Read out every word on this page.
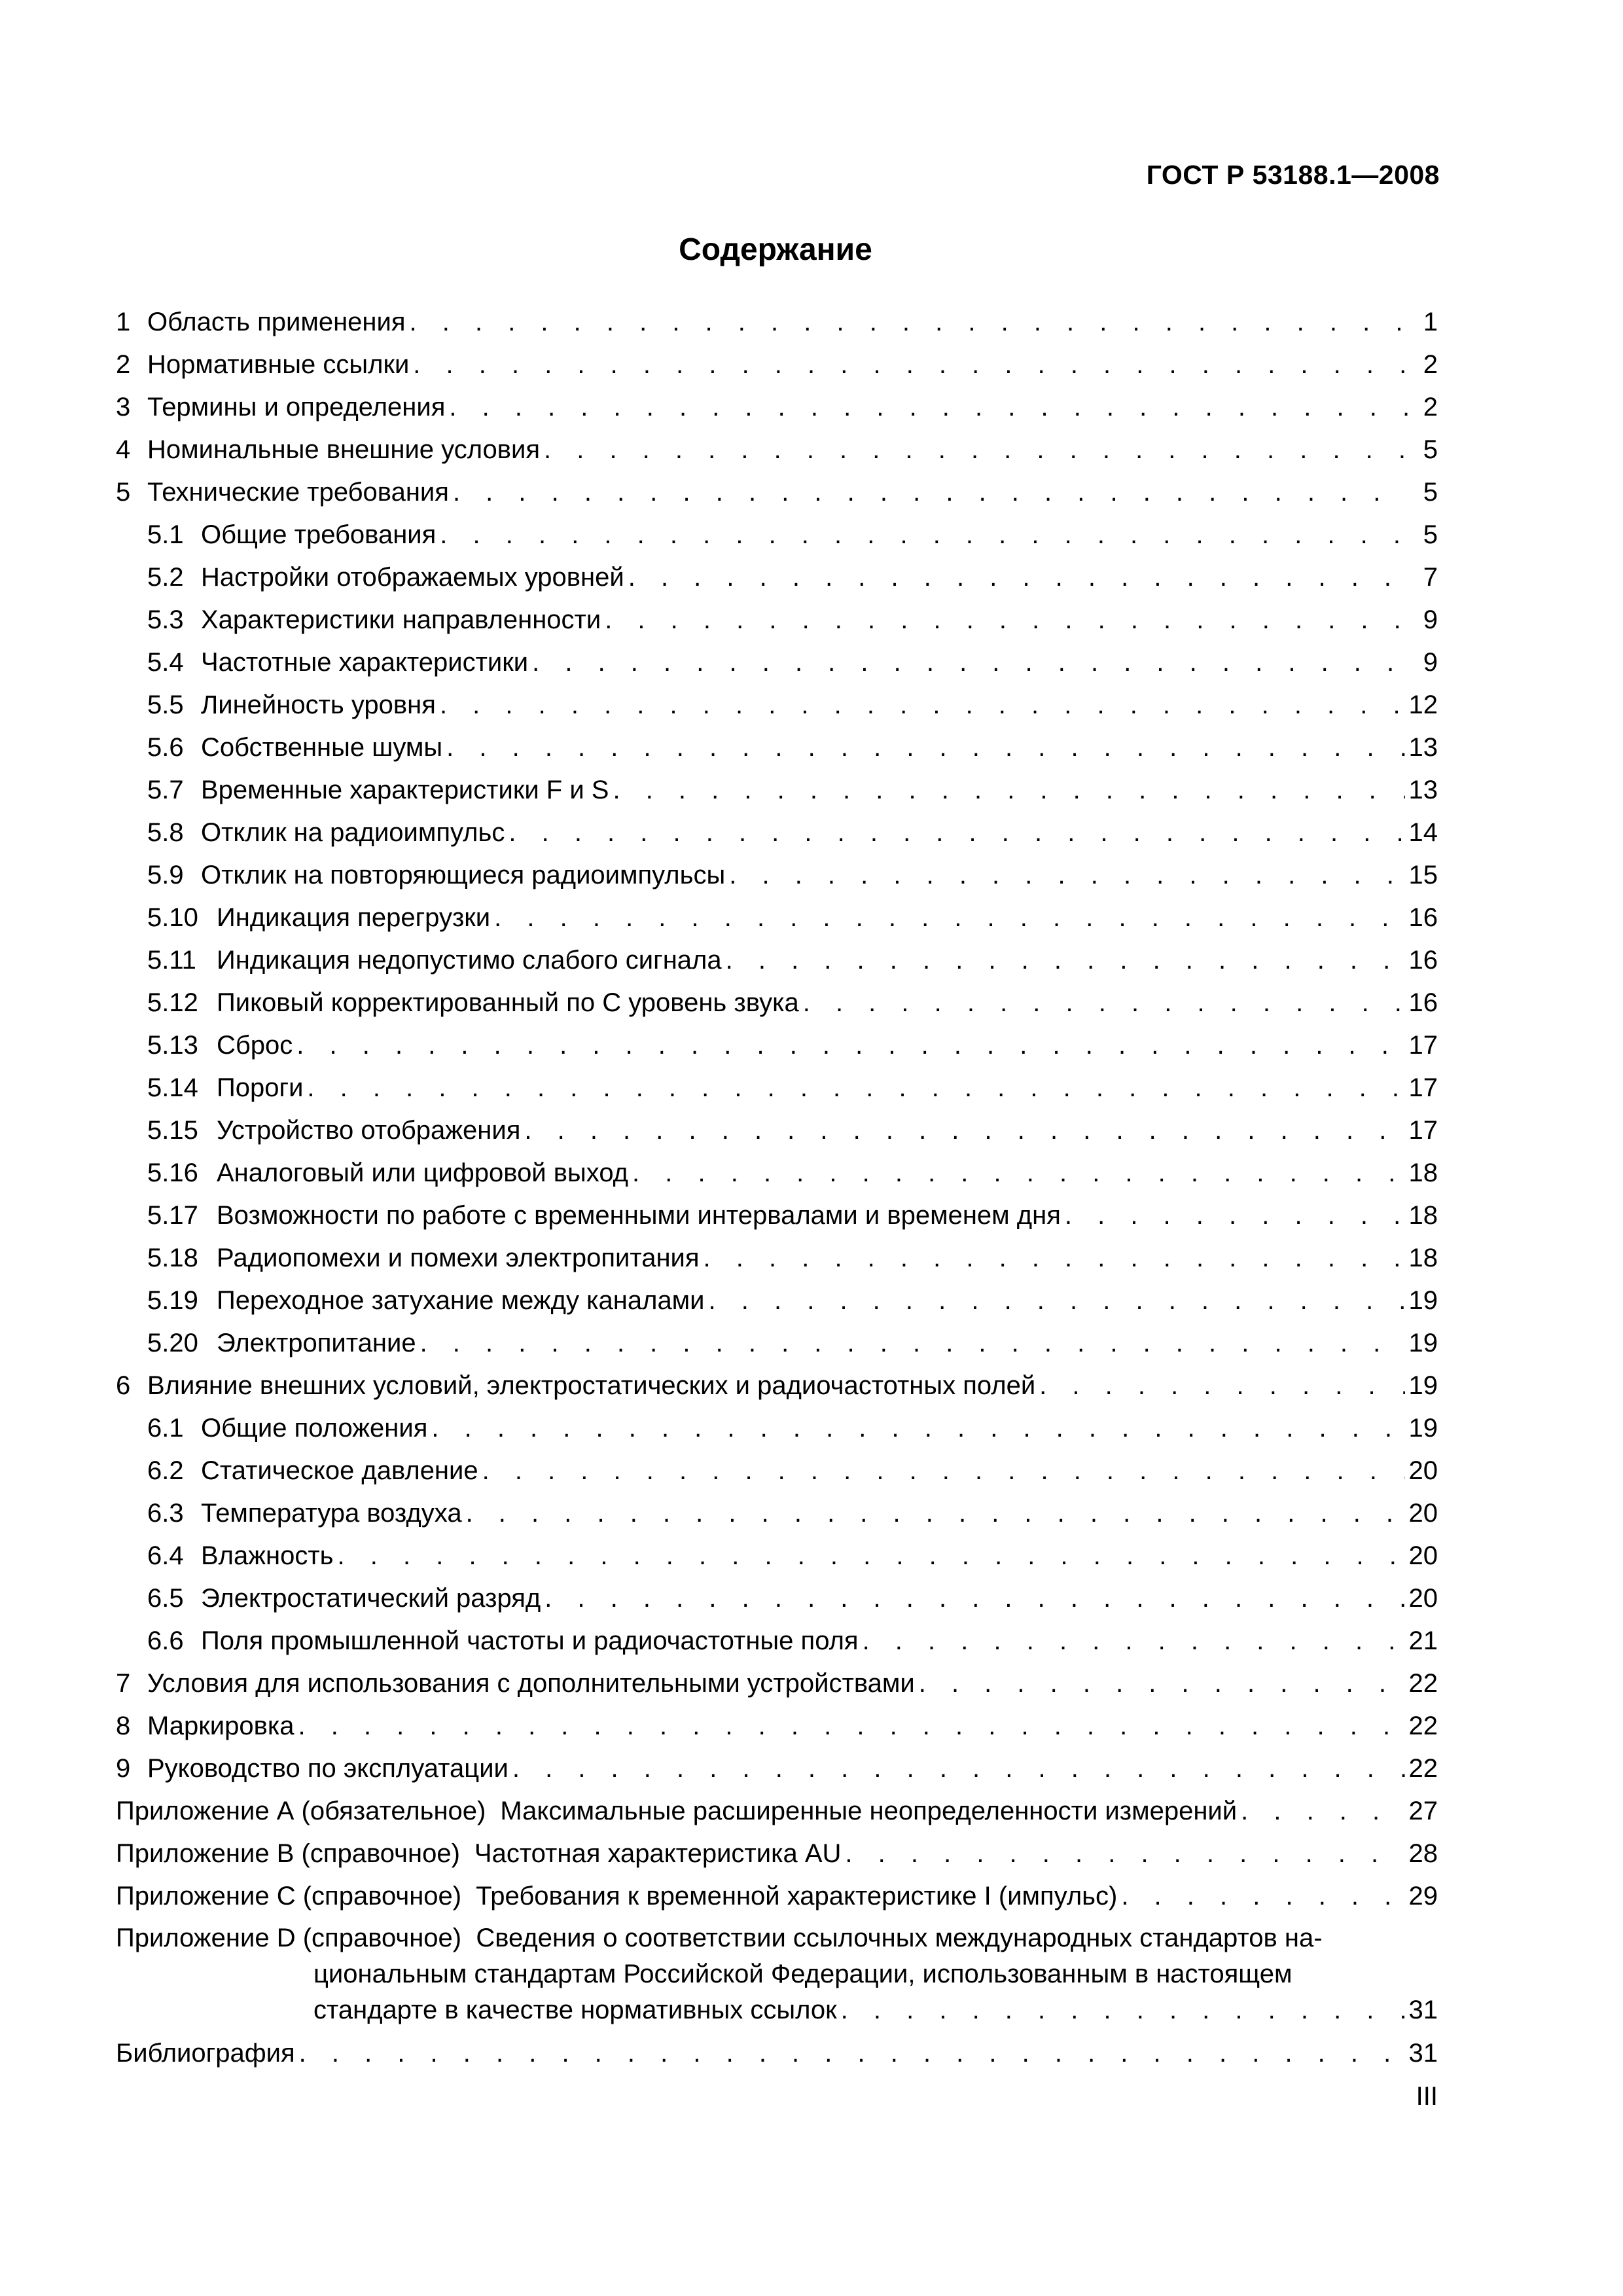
ГОСТ Р 53188.1—2008
Содержание
1 Область применения . . .	1
2 Нормативные ссылки . . .	2
3 Термины и определения . . .	2
4 Номинальные внешние условия . . .	5
5 Технические требования . . .	5
5.1 Общие требования . . .	5
5.2 Настройки отображаемых уровней . . .	7
5.3 Характеристики направленности . . .	9
5.4 Частотные характеристики . . .	9
5.5 Линейность уровня . . .	12
5.6 Собственные шумы . . .	13
5.7 Временные характеристики F и S . . .	13
5.8 Отклик на радиоимпульс . . .	14
5.9 Отклик на повторяющиеся радиоимпульсы . . .	15
5.10 Индикация перегрузки . . .	16
5.11 Индикация недопустимо слабого сигнала . . .	16
5.12 Пиковый корректированный по C уровень звука . . .	16
5.13 Сброс . . .	17
5.14 Пороги . . .	17
5.15 Устройство отображения . . .	17
5.16 Аналоговый или цифровой выход . . .	18
5.17 Возможности по работе с временными интервалами и временем дня . . .	18
5.18 Радиопомехи и помехи электропитания . . .	18
5.19 Переходное затухание между каналами . . .	19
5.20 Электропитание . . .	19
6 Влияние внешних условий, электростатических и радиочастотных полей . . .	19
6.1 Общие положения . . .	19
6.2 Статическое давление . . .	20
6.3 Температура воздуха . . .	20
6.4 Влажность . . .	20
6.5 Электростатический разряд . . .	20
6.6 Поля промышленной частоты и радиочастотные поля . . .	21
7 Условия для использования с дополнительными устройствами . . .	22
8 Маркировка . . .	22
9 Руководство по эксплуатации . . .	22
Приложение А (обязательное) Максимальные расширенные неопределенности измерений . . .	27
Приложение В (справочное) Частотная характеристика AU . . .	28
Приложение С (справочное) Требования к временной характеристике I (импульс) . . .	29
Приложение D (справочное) Сведения о соответствии ссылочных международных стандартов на-
циональным стандартам Российской Федерации, использованным в настоящем
стандарте в качестве нормативных ссылок . . .	31
Библиография . . .	31
III
